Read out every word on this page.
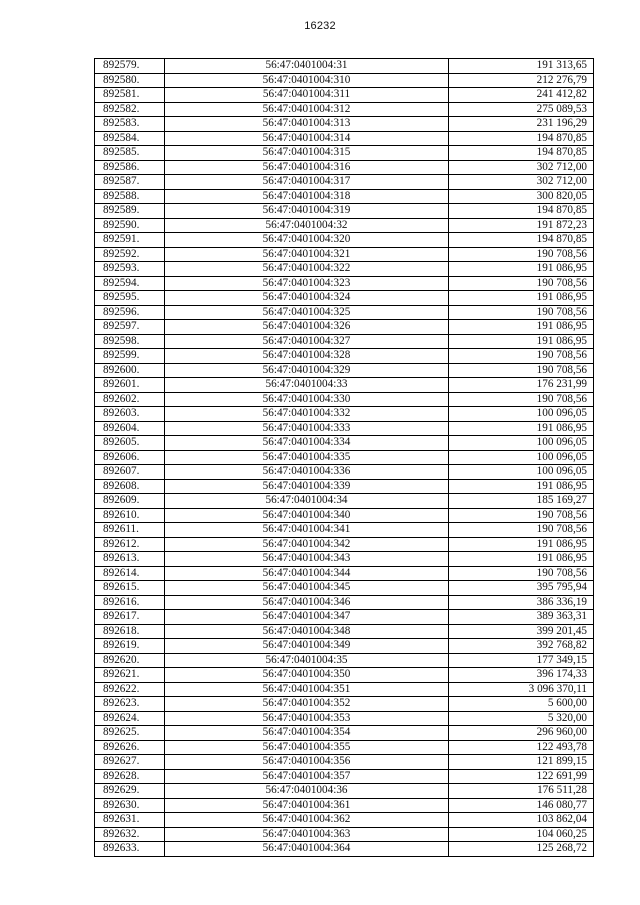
16232
892579.	56:47:0401004:31	191 313,65
892580.	56:47:0401004:310	212 276,79
892581.	56:47:0401004:311	241 412,82
892582.	56:47:0401004:312	275 089,53
892583.	56:47:0401004:313	231 196,29
892584.	56:47:0401004:314	194 870,85
892585.	56:47:0401004:315	194 870,85
892586.	56:47:0401004:316	302 712,00
892587.	56:47:0401004:317	302 712,00
892588.	56:47:0401004:318	300 820,05
892589.	56:47:0401004:319	194 870,85
892590.	56:47:0401004:32	191 872,23
892591.	56:47:0401004:320	194 870,85
892592.	56:47:0401004:321	190 708,56
892593.	56:47:0401004:322	191 086,95
892594.	56:47:0401004:323	190 708,56
892595.	56:47:0401004:324	191 086,95
892596.	56:47:0401004:325	190 708,56
892597.	56:47:0401004:326	191 086,95
892598.	56:47:0401004:327	191 086,95
892599.	56:47:0401004:328	190 708,56
892600.	56:47:0401004:329	190 708,56
892601.	56:47:0401004:33	176 231,99
892602.	56:47:0401004:330	190 708,56
892603.	56:47:0401004:332	100 096,05
892604.	56:47:0401004:333	191 086,95
892605.	56:47:0401004:334	100 096,05
892606.	56:47:0401004:335	100 096,05
892607.	56:47:0401004:336	100 096,05
892608.	56:47:0401004:339	191 086,95
892609.	56:47:0401004:34	185 169,27
892610.	56:47:0401004:340	190 708,56
892611.	56:47:0401004:341	190 708,56
892612.	56:47:0401004:342	191 086,95
892613.	56:47:0401004:343	191 086,95
892614.	56:47:0401004:344	190 708,56
892615.	56:47:0401004:345	395 795,94
892616.	56:47:0401004:346	386 336,19
892617.	56:47:0401004:347	389 363,31
892618.	56:47:0401004:348	399 201,45
892619.	56:47:0401004:349	392 768,82
892620.	56:47:0401004:35	177 349,15
892621.	56:47:0401004:350	396 174,33
892622.	56:47:0401004:351	3 096 370,11
892623.	56:47:0401004:352	5 600,00
892624.	56:47:0401004:353	5 320,00
892625.	56:47:0401004:354	296 960,00
892626.	56:47:0401004:355	122 493,78
892627.	56:47:0401004:356	121 899,15
892628.	56:47:0401004:357	122 691,99
892629.	56:47:0401004:36	176 511,28
892630.	56:47:0401004:361	146 080,77
892631.	56:47:0401004:362	103 862,04
892632.	56:47:0401004:363	104 060,25
892633.	56:47:0401004:364	125 268,72
